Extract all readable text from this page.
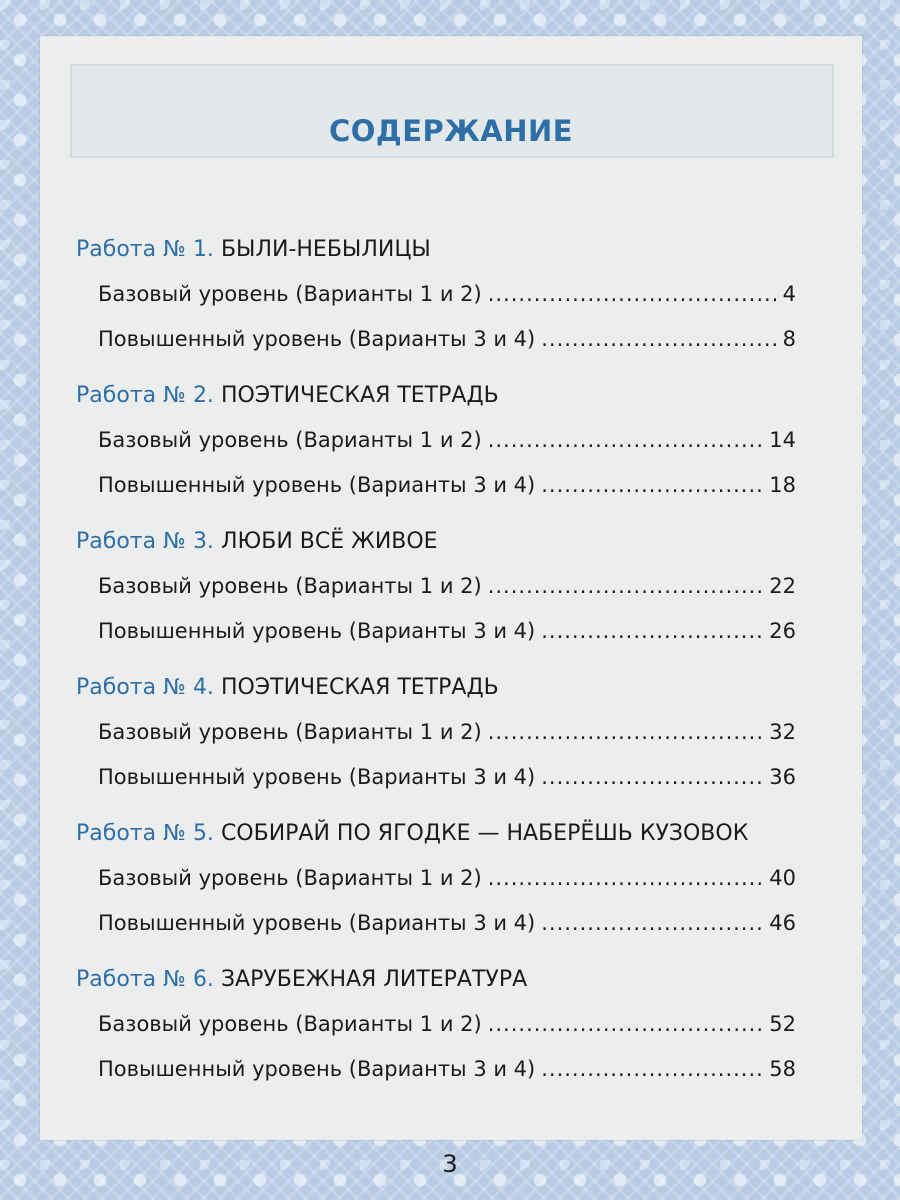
СОДЕРЖАНИЕ
Работа № 1. БЫЛИ-НЕБЫЛИЦЫ
Базовый уровень (Варианты 1 и 2) .....	4
Повышенный уровень (Варианты 3 и 4) .....	8
Работа № 2. ПОЭТИЧЕСКАЯ ТЕТРАДЬ
Базовый уровень (Варианты 1 и 2) .....	14
Повышенный уровень (Варианты 3 и 4) .....	18
Работа № 3. ЛЮБИ ВСЁ ЖИВОЕ
Базовый уровень (Варианты 1 и 2) .....	22
Повышенный уровень (Варианты 3 и 4) .....	26
Работа № 4. ПОЭТИЧЕСКАЯ ТЕТРАДЬ
Базовый уровень (Варианты 1 и 2) .....	32
Повышенный уровень (Варианты 3 и 4) .....	36
Работа № 5. СОБИРАЙ ПО ЯГОДКЕ — НАБЕРЁШЬ КУЗОВОК
Базовый уровень (Варианты 1 и 2) .....	40
Повышенный уровень (Варианты 3 и 4) .....	46
Работа № 6. ЗАРУБЕЖНАЯ ЛИТЕРАТУРА
Базовый уровень (Варианты 1 и 2) .....	52
Повышенный уровень (Варианты 3 и 4) .....	58
3
